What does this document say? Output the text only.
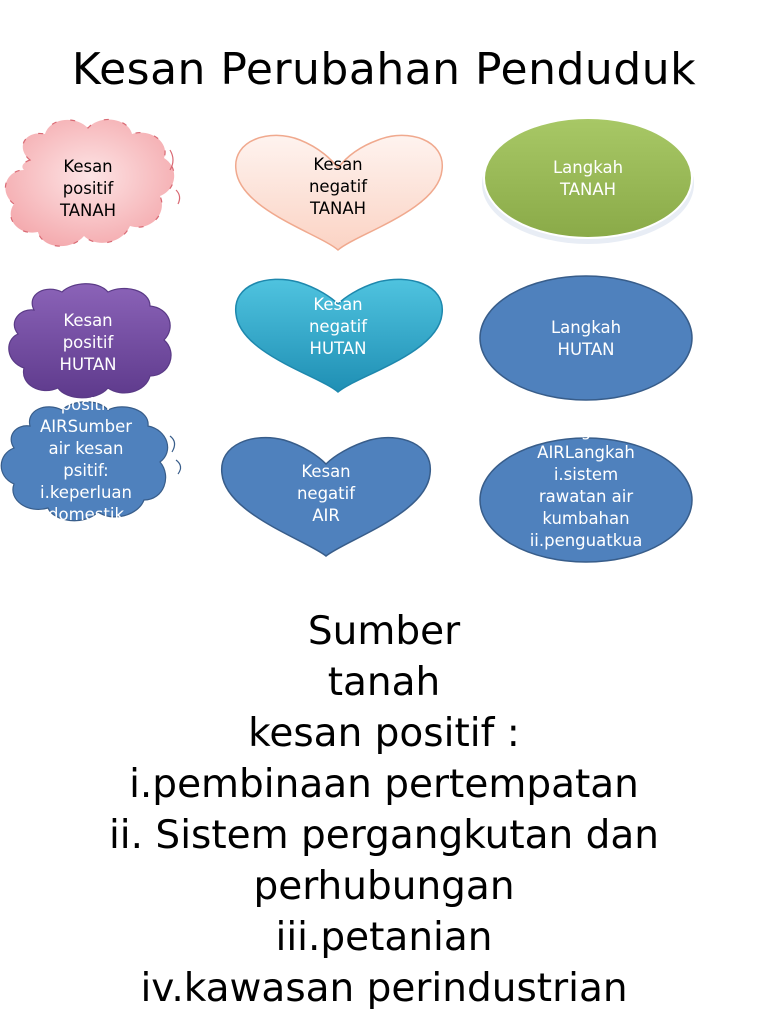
Kesan Perubahan Penduduk
Kesan
positif
TANAH
Kesan
negatif
TANAH
Langkah
TANAH
Kesan
positif
HUTAN
Kesan
negatif
HUTAN
Langkah
HUTAN
positif
AIRSumber
air kesan
psitif:
i.keperluan
domestik
Kesan
negatif
AIR
Langkah
AIRLangkah
i.sistem
rawatan air
kumbahan
ii.penguatkua
Sumber
tanah
kesan positif :
i.pembinaan pertempatan
ii. Sistem pergangkutan dan
perhubungan
iii.petanian
iv.kawasan perindustrian
